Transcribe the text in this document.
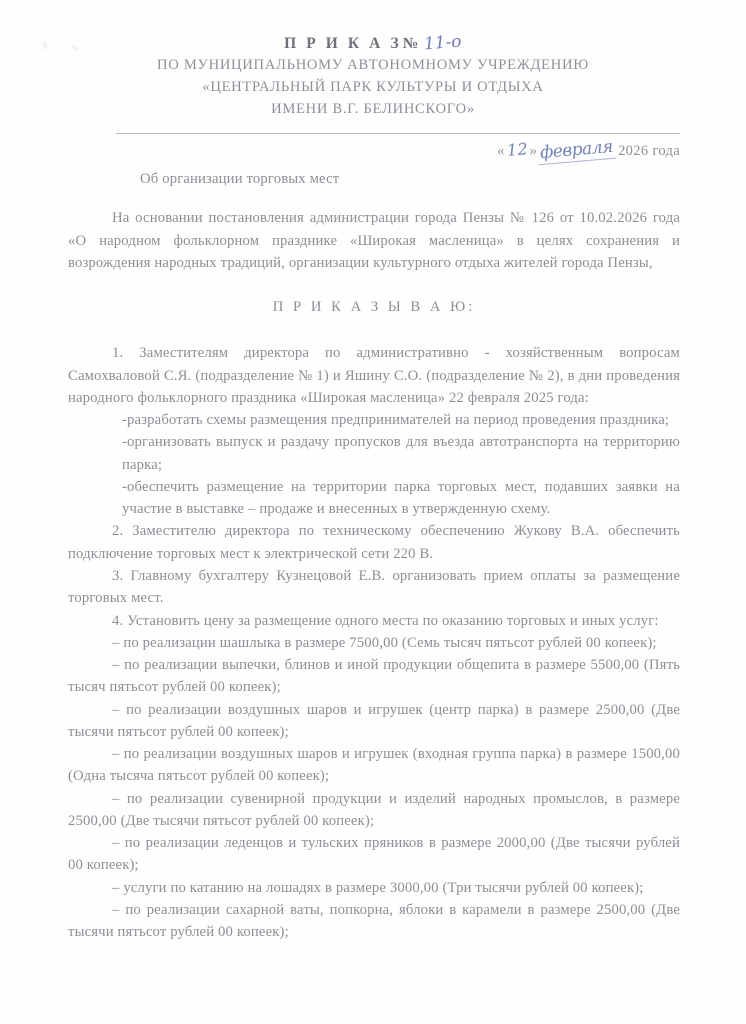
П Р И К А З№ 11-о
ПО МУНИЦИПАЛЬНОМУ АВТОНОМНОМУ УЧРЕЖДЕНИЮ
«ЦЕНТРАЛЬНЫЙ ПАРК КУЛЬТУРЫ И ОТДЫХА
ИМЕНИ В.Г. БЕЛИНСКОГО»
«12» февраля 2026 года
Об организации торговых мест

На основании постановления администрации города Пензы № 126 от 10.02.2026 года «О народном фольклорном празднике «Широкая масленица» в целях сохранения и возрождения народных традиций, организации культурного отдыха жителей города Пензы,

П Р И К А З Ы В А Ю:

1. Заместителям директора по административно - хозяйственным вопросам Самохваловой С.Я. (подразделение № 1) и Яшину С.О. (подразделение № 2), в дни проведения народного фольклорного праздника «Широкая масленица» 22 февраля 2025 года:

-разработать схемы размещения предпринимателей на период проведения праздника;

-организовать выпуск и раздачу пропусков для въезда автотранспорта на территорию парка;

-обеспечить размещение на территории парка торговых мест, подавших заявки на участие в выставке – продаже и внесенных в утвержденную схему.

2. Заместителю директора по техническому обеспечению Жукову В.А. обеспечить подключение торговых мест к электрической сети 220 В.

3. Главному бухгалтеру Кузнецовой Е.В. организовать прием оплаты за размещение торговых мест.

4. Установить цену за размещение одного места по оказанию торговых и иных услуг:

– по реализации шашлыка в размере 7500,00 (Семь тысяч пятьсот рублей 00 копеек);

– по реализации выпечки, блинов и иной продукции общепита в размере 5500,00 (Пять тысяч пятьсот рублей 00 копеек);

– по реализации воздушных шаров и игрушек (центр парка) в размере 2500,00 (Две тысячи пятьсот рублей 00 копеек);

– по реализации воздушных шаров и игрушек (входная группа парка) в размере 1500,00 (Одна тысяча пятьсот рублей 00 копеек);

– по реализации сувенирной продукции и изделий народных промыслов, в размере 2500,00 (Две тысячи пятьсот рублей 00 копеек);

– по реализации леденцов и тульских пряников в размере 2000,00 (Две тысячи рублей 00 копеек);

– услуги по катанию на лошадях в размере 3000,00 (Три тысячи рублей 00 копеек);

– по реализации сахарной ваты, попкорна, яблоки в карамели в размере 2500,00 (Две тысячи пятьсот рублей 00 копеек);
